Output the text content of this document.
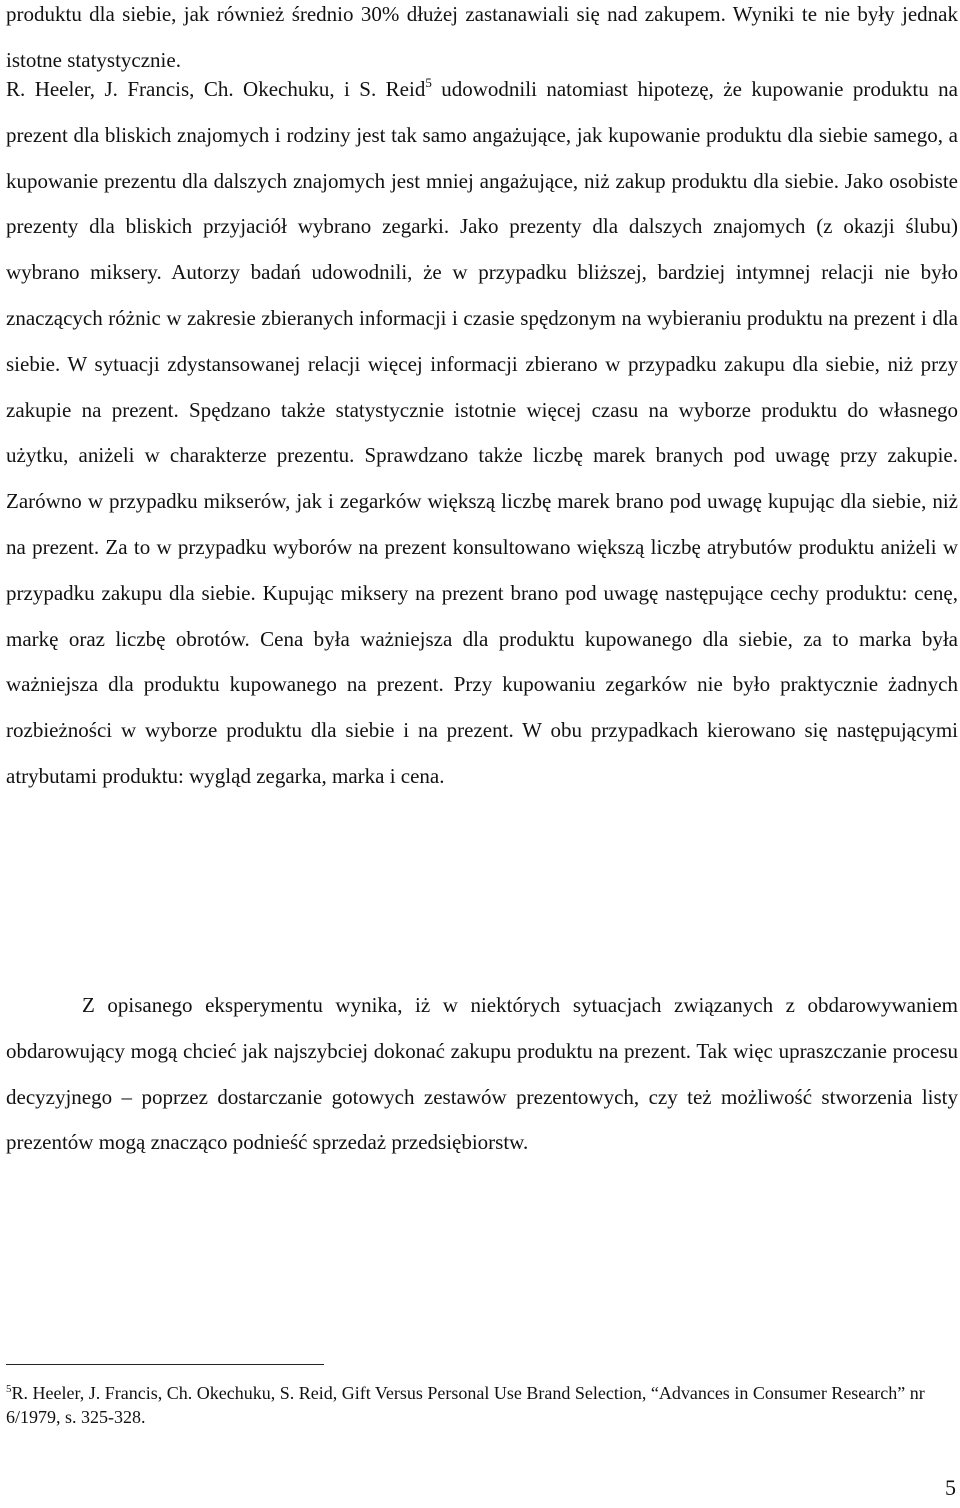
produktu dla siebie, jak również średnio 30% dłużej zastanawiali się nad zakupem. Wyniki te nie były jednak istotne statystycznie.

R. Heeler, J. Francis, Ch. Okechuku, i S. Reid$^5$ udowodnili natomiast hipotezę, że kupowanie produktu na prezent dla bliskich znajomych i rodziny jest tak samo angażujące, jak kupowanie produktu dla siebie samego, a kupowanie prezentu dla dalszych znajomych jest mniej angażujące, niż zakup produktu dla siebie. Jako osobiste prezenty dla bliskich przyjaciół wybrano zegarki. Jako prezenty dla dalszych znajomych (z okazji ślubu) wybrano miksery. Autorzy badań udowodnili, że w przypadku bliższej, bardziej intymnej relacji nie było znaczących różnic w zakresie zbieranych informacji i czasie spędzonym na wybieraniu produktu na prezent i dla siebie. W sytuacji zdystansowanej relacji więcej informacji zbierano w przypadku zakupu dla siebie, niż przy zakupie na prezent. Spędzano także statystycznie istotnie więcej czasu na wyborze produktu do własnego użytku, aniżeli w charakterze prezentu. Sprawdzano także liczbę marek branych pod uwagę przy zakupie. Zarówno w przypadku mikserów, jak i zegarków większą liczbę marek brano pod uwagę kupując dla siebie, niż na prezent. Za to w przypadku wyborów na prezent konsultowano większą liczbę atrybutów produktu aniżeli w przypadku zakupu dla siebie. Kupując miksery na prezent brano pod uwagę następujące cechy produktu: cenę, markę oraz liczbę obrotów. Cena była ważniejsza dla produktu kupowanego dla siebie, za to marka była ważniejsza dla produktu kupowanego na prezent. Przy kupowaniu zegarków nie było praktycznie żadnych rozbieżności w wyborze produktu dla siebie i na prezent. W obu przypadkach kierowano się następującymi atrybutami produktu: wygląd zegarka, marka i cena.

Z opisanego eksperymentu wynika, iż w niektórych sytuacjach związanych z obdarowywaniem obdarowujący mogą chcieć jak najszybciej dokonać zakupu produktu na prezent. Tak więc upraszczanie procesu decyzyjnego – poprzez dostarczanie gotowych zestawów prezentowych, czy też możliwość stworzenia listy prezentów mogą znacząco podnieść sprzedaż przedsiębiorstw.

$^5$R. Heeler, J. Francis, Ch. Okechuku, S. Reid, Gift Versus Personal Use Brand Selection, “Advances in Consumer Research” nr 6/1979, s. 325-328.

5
